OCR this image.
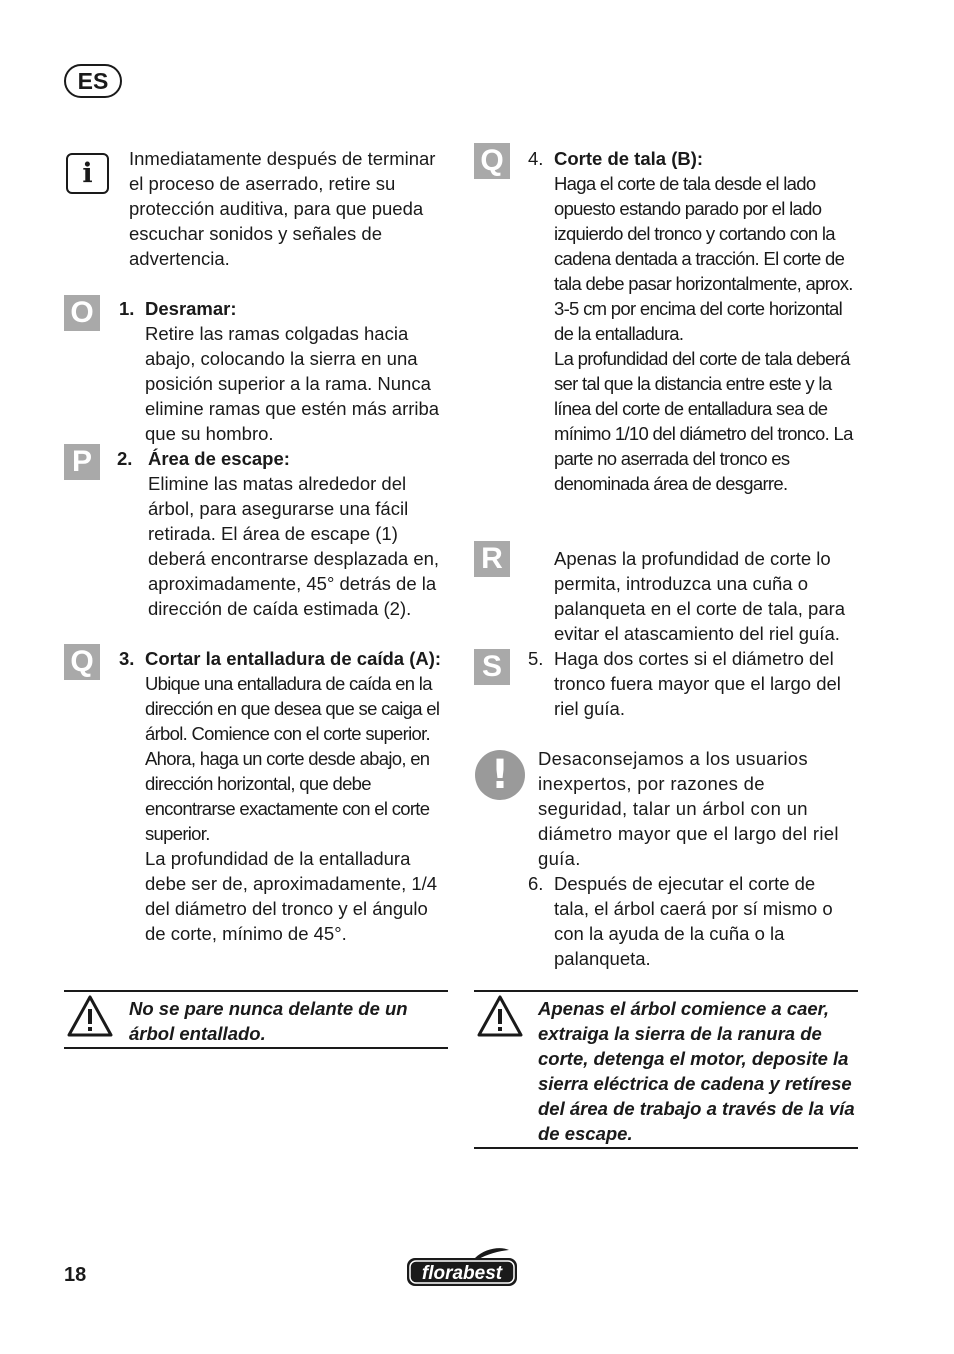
ES
i	Inmediatamente después de terminar el proceso de aserrado, retire su protección auditiva, para que pueda escuchar sonidos y señales de advertencia.

O	1. Desramar:

Retire las ramas colgadas hacia abajo, colocando la sierra en una posición superior a la rama. Nunca elimine ramas que estén más arriba que su hombro.

P	2. Área de escape:

Elimine las matas alrededor del árbol, para asegurarse una fácil retirada. El área de escape (1) deberá encontrarse desplazada en, aproximadamente, 45° detrás de la dirección de caída estimada (2).

Q	3. Cortar la entalladura de caída (A):

Ubique una entalladura de caída en la dirección en que desea que se caiga el árbol. Comience con el corte superior. Ahora, haga un corte desde abajo, en dirección horizontal, que debe encontrarse exactamente con el corte superior.

La profundidad de la entalladura debe ser de, aproximadamente, 1/4 del diámetro del tronco y el ángulo de corte, mínimo de 45°.

No se pare nunca delante de un árbol entallado.

Q	4. Corte de tala (B):

Haga el corte de tala desde el lado opuesto estando parado por el lado izquierdo del tronco y cortando con la cadena dentada a tracción. El corte de tala debe pasar horizontalmente, aprox. 3-5 cm por encima del corte horizontal de la entalladura.

La profundidad del corte de tala deberá ser tal que la distancia entre este y la línea del corte de entalladura sea de mínimo 1/10 del diámetro del tronco. La parte no aserrada del tronco es denominada área de desgarre.

R	Apenas la profundidad de corte lo permita, introduzca una cuña o palanqueta en el corte de tala, para evitar el atascamiento del riel guía.

S	5. Haga dos cortes si el diámetro del tronco fuera mayor que el largo del riel guía.

!	Desaconsejamos a los usuarios inexpertos, por razones de seguridad, talar un árbol con un diámetro mayor que el largo del riel guía.

6. Después de ejecutar el corte de tala, el árbol caerá por sí mismo o con la ayuda de la cuña o la palanqueta.

Apenas el árbol comience a caer, extraiga la sierra de la ranura de corte, detenga el motor, deposite la sierra eléctrica de cadena y retírese del área de trabajo a través de la vía de escape.

18	florabest
